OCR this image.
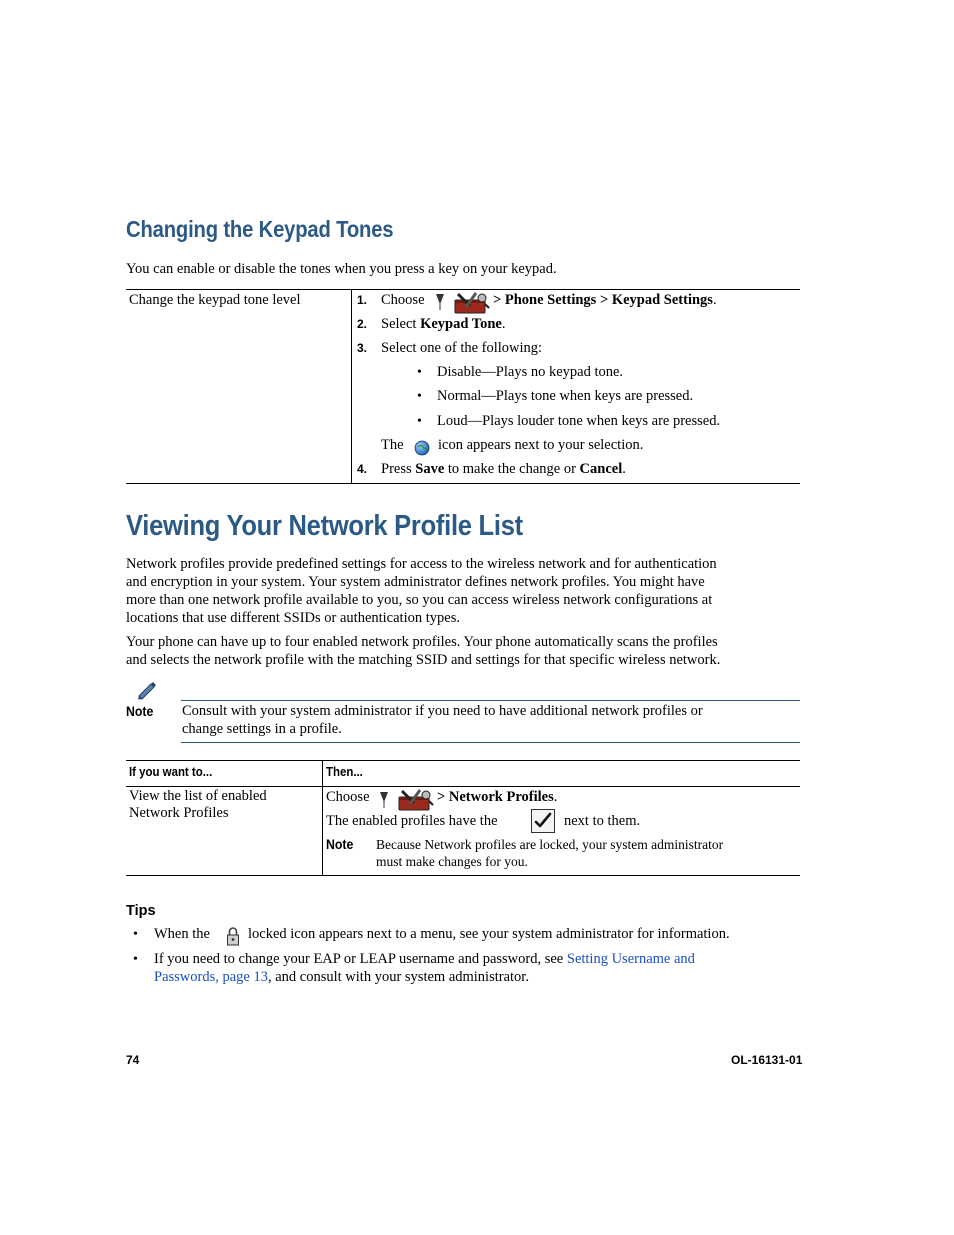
Changing the Keypad Tones

You can enable or disable the tones when you press a key on your keypad.

Change the keypad tone level	1. Choose	> Phone Settings > Keypad Settings.
2. Select Keypad Tone.
3. Select one of the following:
• Disable—Plays no keypad tone.
• Normal—Plays tone when keys are pressed.
• Loud—Plays louder tone when keys are pressed.
The icon appears next to your selection.
4. Press Save to make the change or Cancel.
Viewing Your Network Profile List
Network profiles provide predefined settings for access to the wireless network and for authentication
and encryption in your system. Your system administrator defines network profiles. You might have
more than one network profile available to you, so you can access wireless network configurations at
locations that use different SSIDs or authentication types.
Your phone can have up to four enabled network profiles. Your phone automatically scans the profiles
and selects the network profile with the matching SSID and settings for that specific wireless network.
Note Consult with your system administrator if you need to have additional network profiles or
change settings in a profile.
If you want to...	Then...
View the list of enabled
Network Profiles
Choose	> Network Profiles.
The enabled profiles have the	next to them.
Note Because Network profiles are locked, your system administrator
must make changes for you.
Tips
• When the	locked icon appears next to a menu, see your system administrator for information.
• If you need to change your EAP or LEAP username and password, see Setting Username and
Passwords, page 13, and consult with your system administrator.
74	OL-16131-01
